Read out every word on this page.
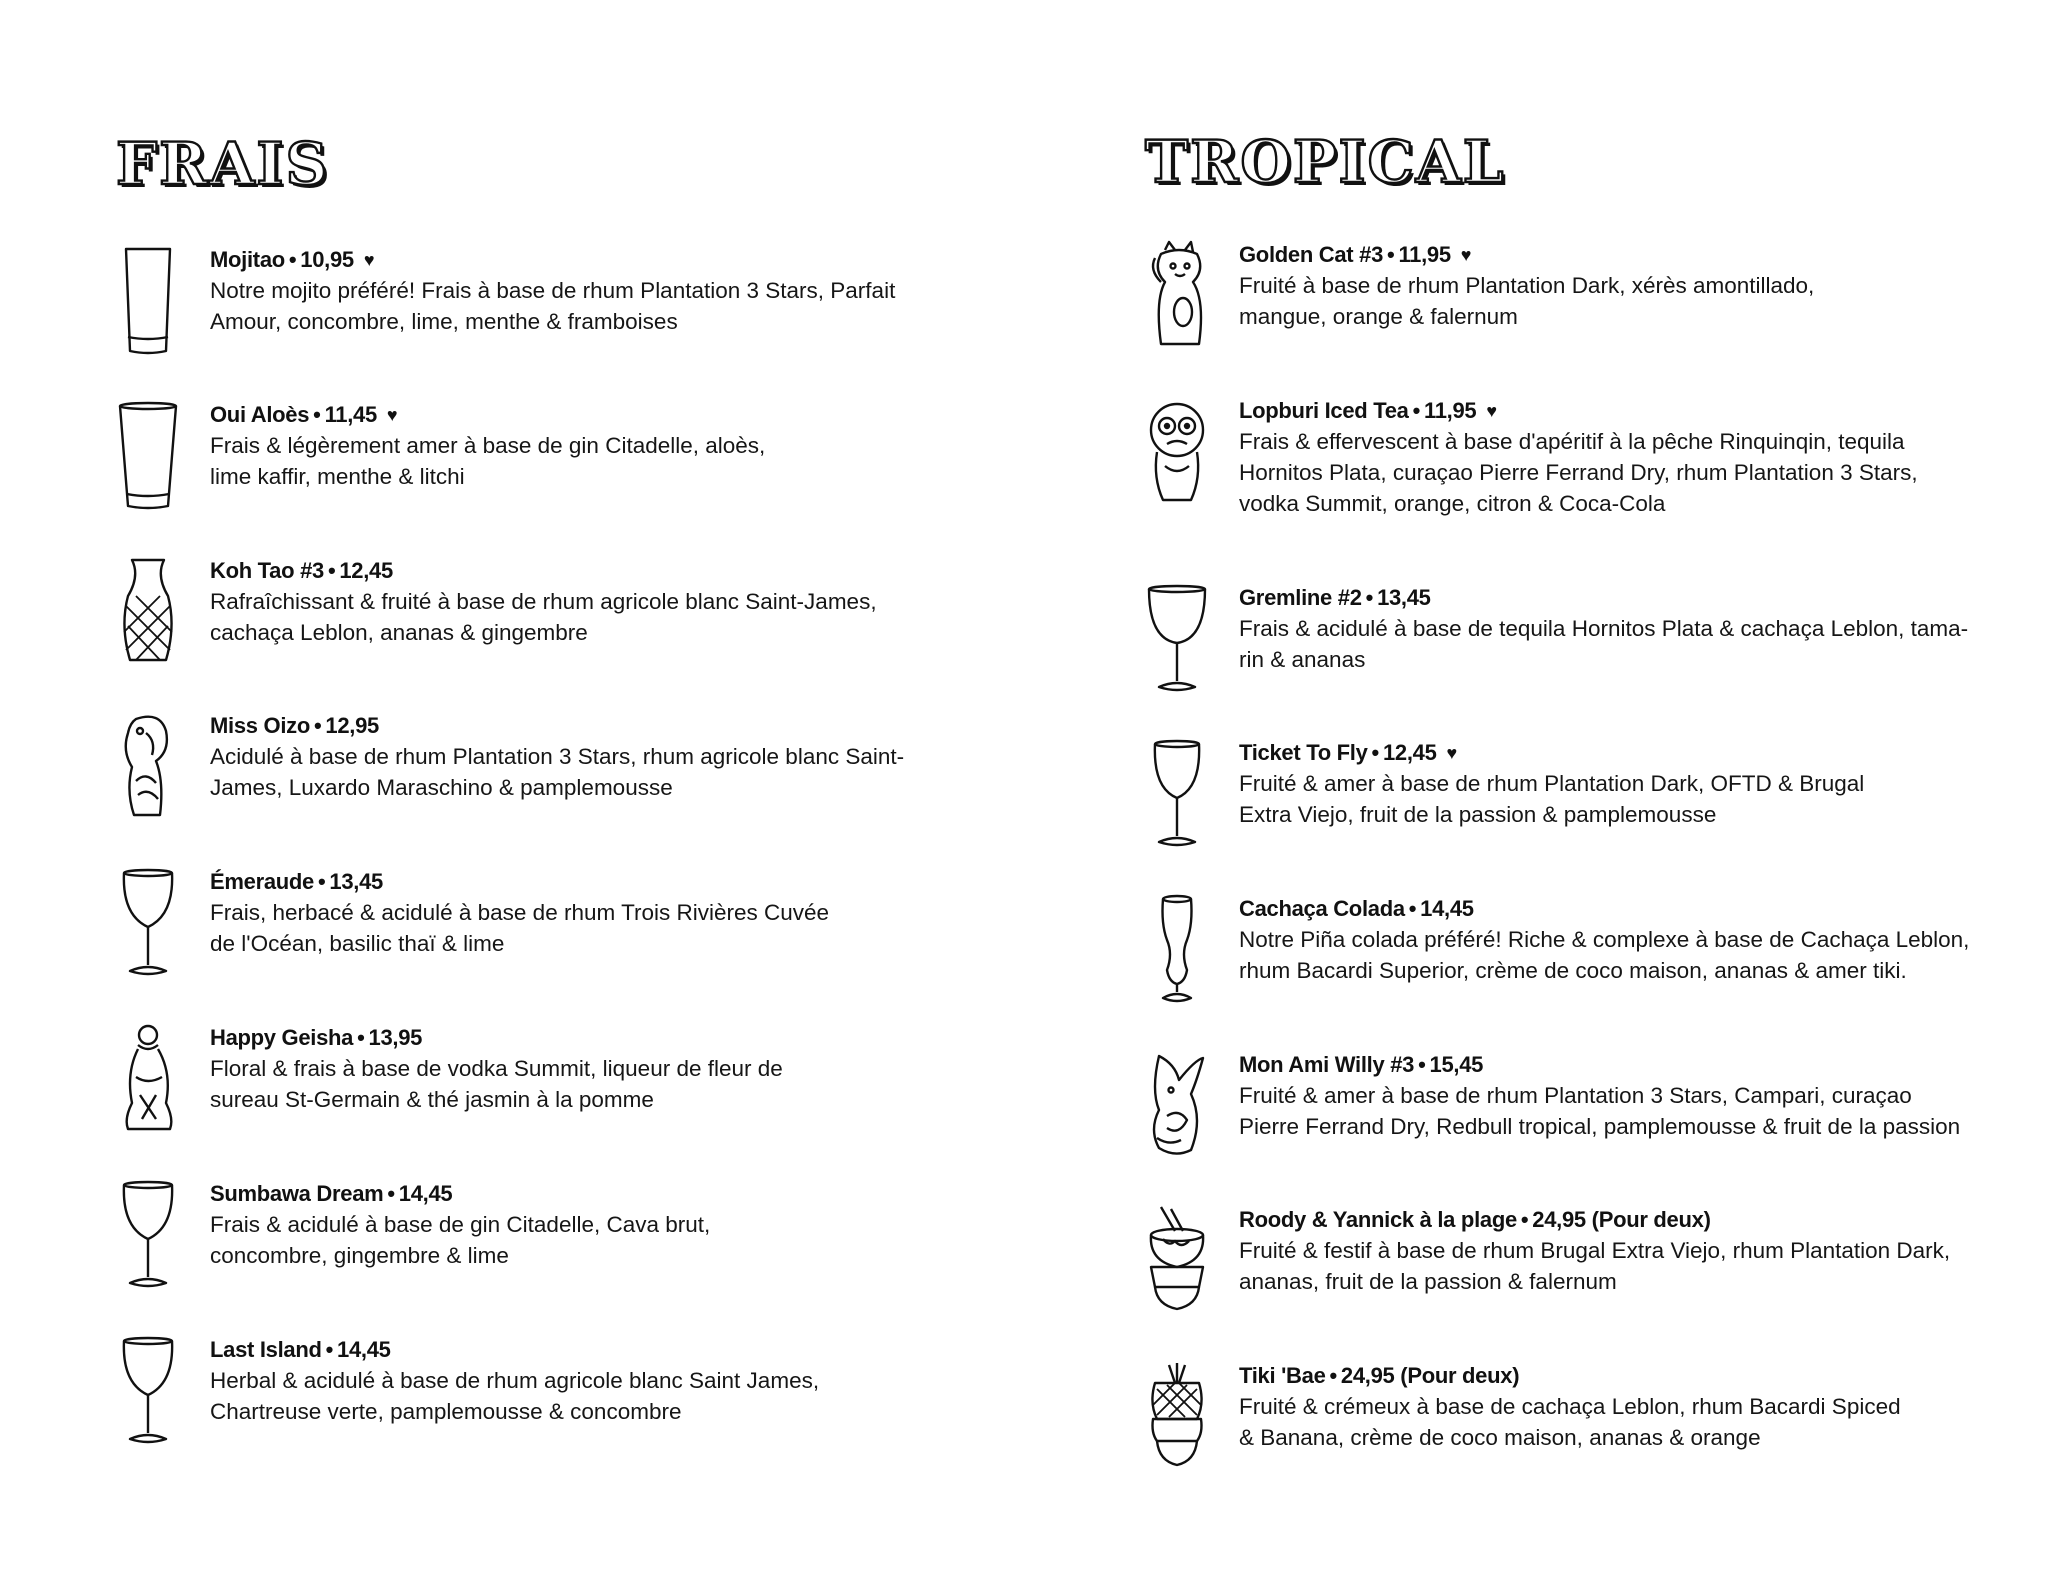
FRAIS
Mojitao • 10,95 ♥
Notre mojito préféré! Frais à base de rhum Plantation 3 Stars, Parfait
Amour, concombre, lime, menthe & framboises
Oui Aloès • 11,45 ♥
Frais & légèrement amer à base de gin Citadelle, aloès,
lime kaffir, menthe & litchi
Koh Tao #3 • 12,45
Rafraîchissant & fruité à base de rhum agricole blanc Saint-James,
cachaça Leblon, ananas & gingembre
Miss Oizo • 12,95
Acidulé à base de rhum Plantation 3 Stars, rhum agricole blanc Saint-
James, Luxardo Maraschino & pamplemousse
Émeraude • 13,45
Frais, herbacé & acidulé à base de rhum Trois Rivières Cuvée
de l'Océan, basilic thaï & lime
Happy Geisha • 13,95
Floral & frais à base de vodka Summit, liqueur de fleur de
sureau St-Germain & thé jasmin à la pomme
Sumbawa Dream • 14,45
Frais & acidulé à base de gin Citadelle, Cava brut,
concombre, gingembre & lime
Last Island • 14,45
Herbal & acidulé à base de rhum agricole blanc Saint James,
Chartreuse verte, pamplemousse & concombre
TROPICAL
Golden Cat #3 • 11,95 ♥
Fruité à base de rhum Plantation Dark, xérès amontillado,
mangue, orange & falernum
Lopburi Iced Tea • 11,95 ♥
Frais & effervescent à base d'apéritif à la pêche Rinquinqin, tequila
Hornitos Plata, curaçao Pierre Ferrand Dry, rhum Plantation 3 Stars,
vodka Summit, orange, citron & Coca-Cola
Gremline #2 • 13,45
Frais & acidulé à base de tequila Hornitos Plata & cachaça Leblon, tama-
rin & ananas
Ticket To Fly • 12,45 ♥
Fruité & amer à base de rhum Plantation Dark, OFTD & Brugal
Extra Viejo, fruit de la passion & pamplemousse
Cachaça Colada • 14,45
Notre Piña colada préféré! Riche & complexe à base de Cachaça Leblon,
rhum Bacardi Superior, crème de coco maison, ananas & amer tiki.
Mon Ami Willy #3 • 15,45
Fruité & amer à base de rhum Plantation 3 Stars, Campari, curaçao
Pierre Ferrand Dry, Redbull tropical, pamplemousse & fruit de la passion
Roody & Yannick à la plage • 24,95 (Pour deux)
Fruité & festif à base de rhum Brugal Extra Viejo, rhum Plantation Dark,
ananas, fruit de la passion & falernum
Tiki 'Bae • 24,95 (Pour deux)
Fruité & crémeux à base de cachaça Leblon, rhum Bacardi Spiced
& Banana, crème de coco maison, ananas & orange
